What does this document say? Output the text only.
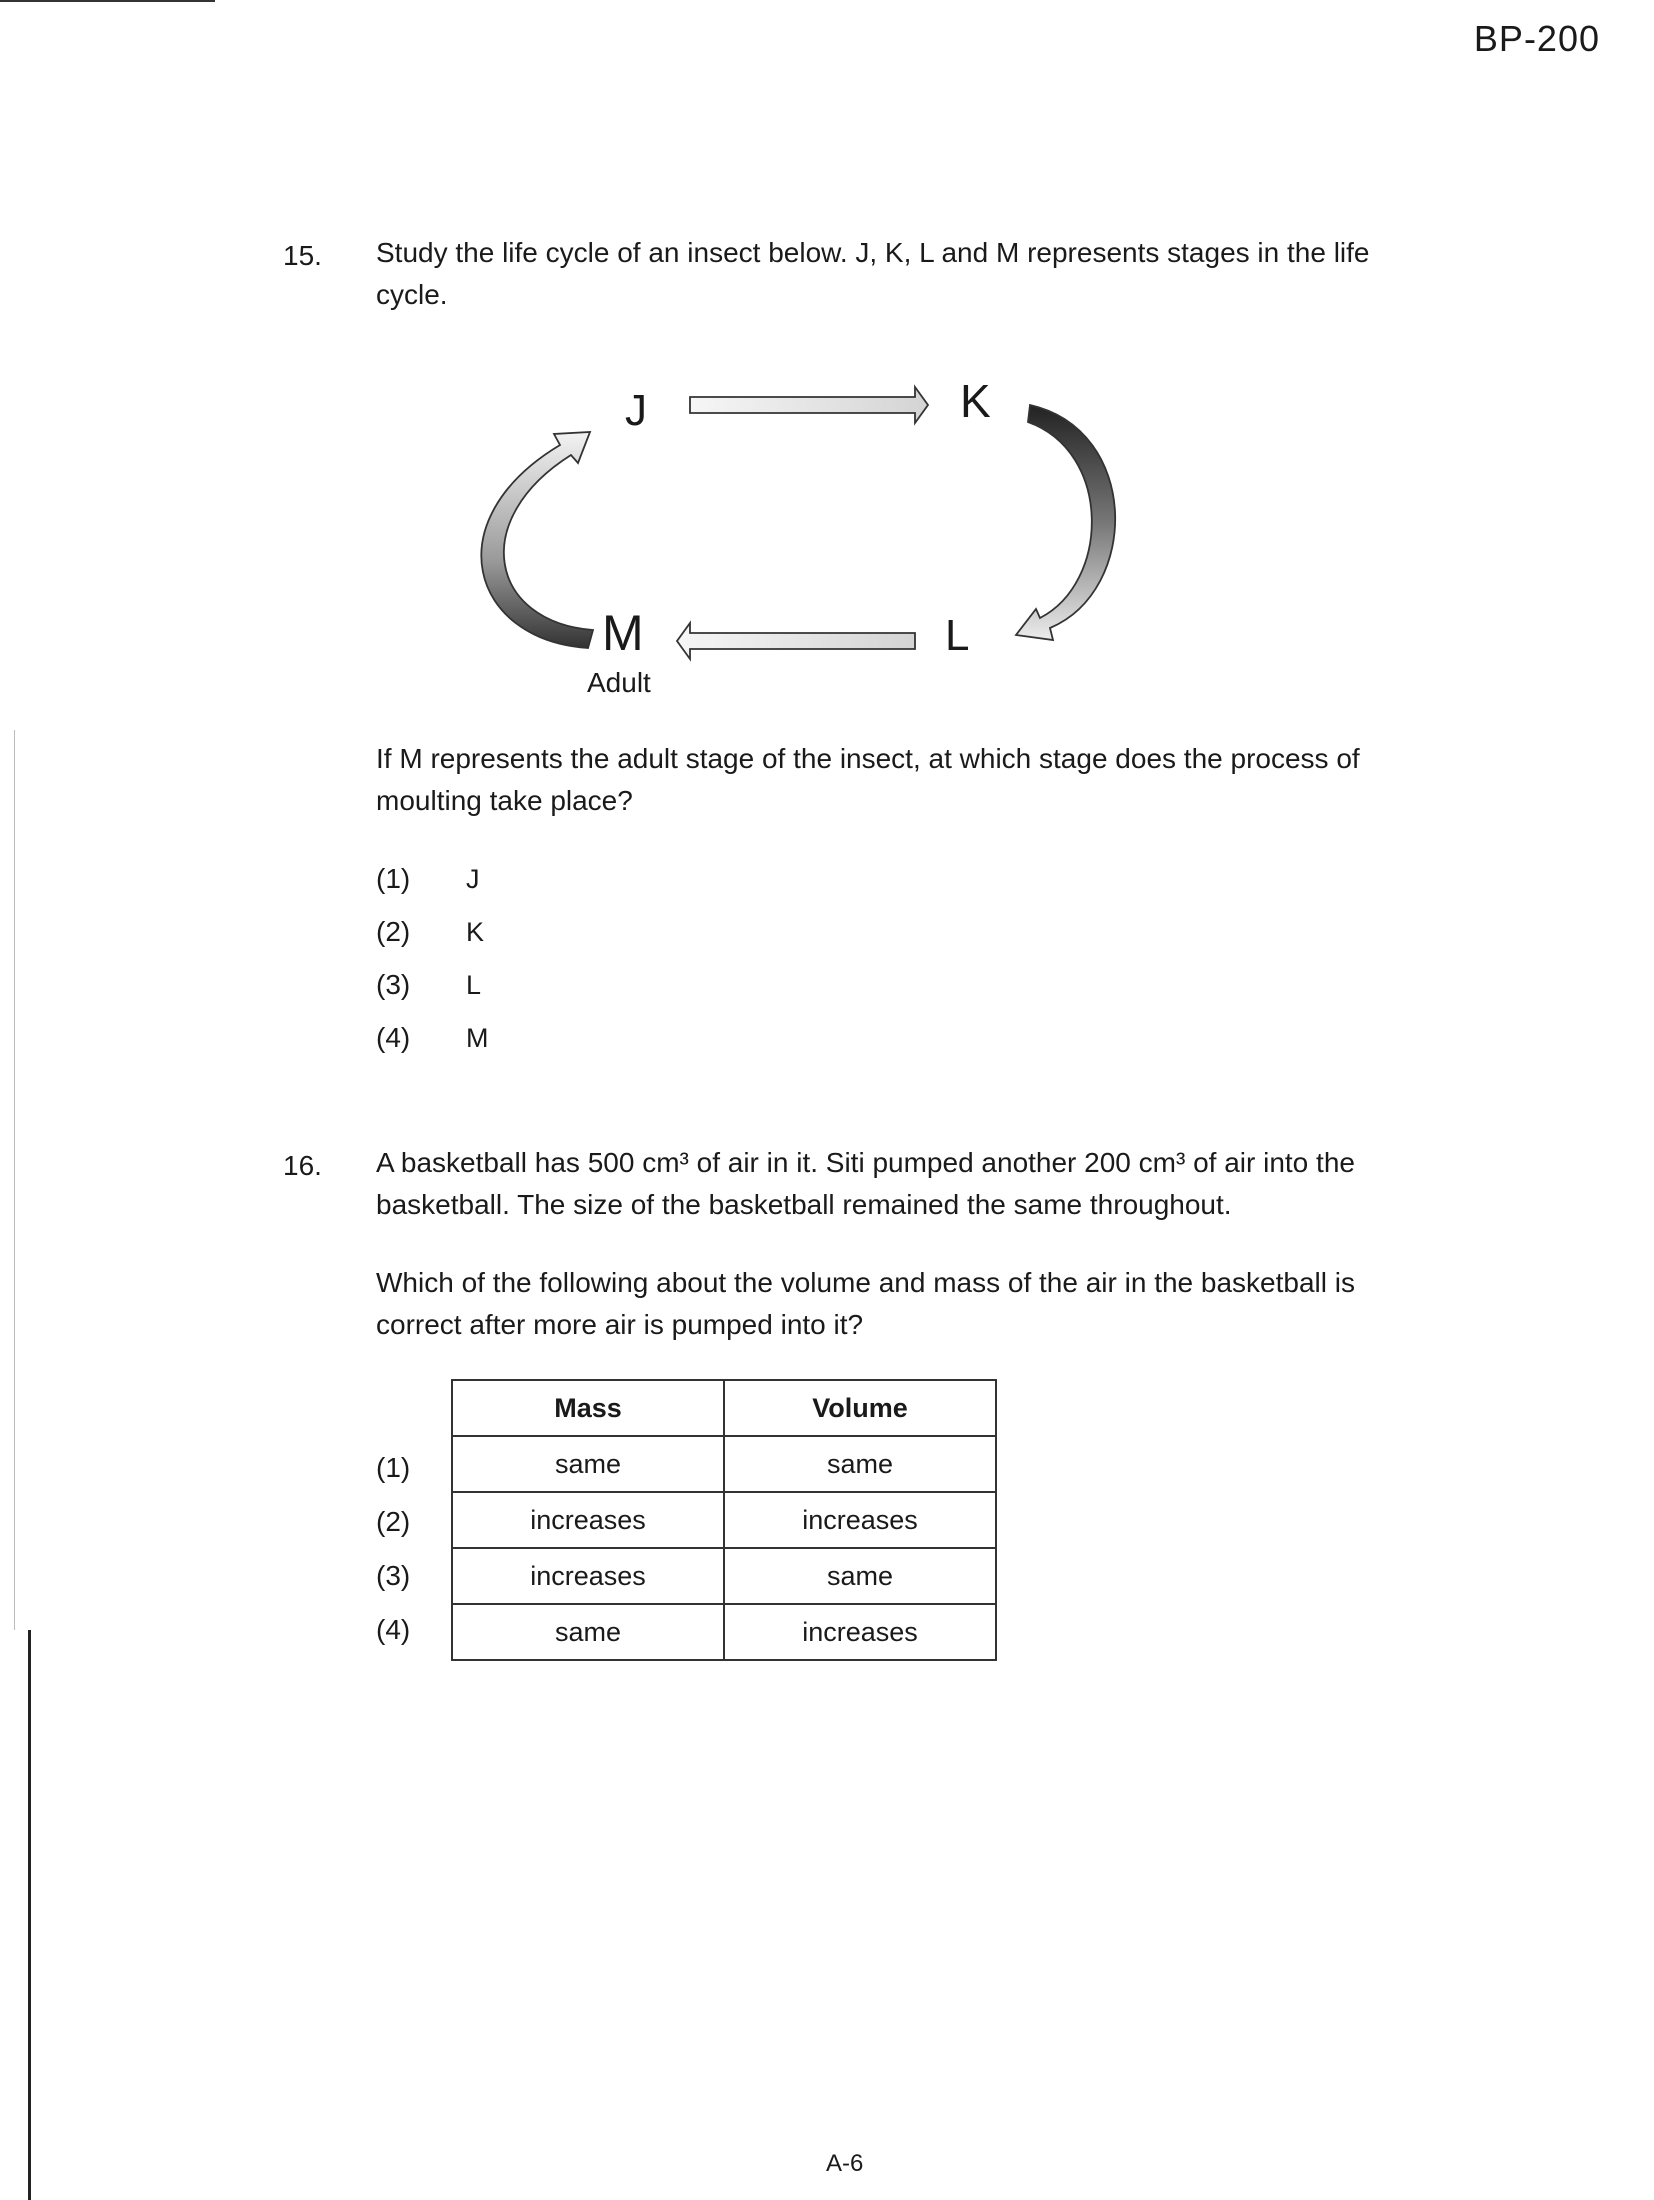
BP-200
15. Study the life cycle of an insect below. J, K, L and M represents stages in the life cycle.
J	K
L
M
Adult
If M represents the adult stage of the insect, at which stage does the process of moulting take place?
(1) J
(2) K
(3) L
(4) M
16. A basketball has 500 cm³ of air in it. Siti pumped another 200 cm³ of air into the basketball. The size of the basketball remained the same throughout.
Which of the following about the volume and mass of the air in the basketball is correct after more air is pumped into it?
(1)
(2)
(3)
(4)
Mass	Volume
same	same
increases	increases
increases	same
same	increases
A-6
